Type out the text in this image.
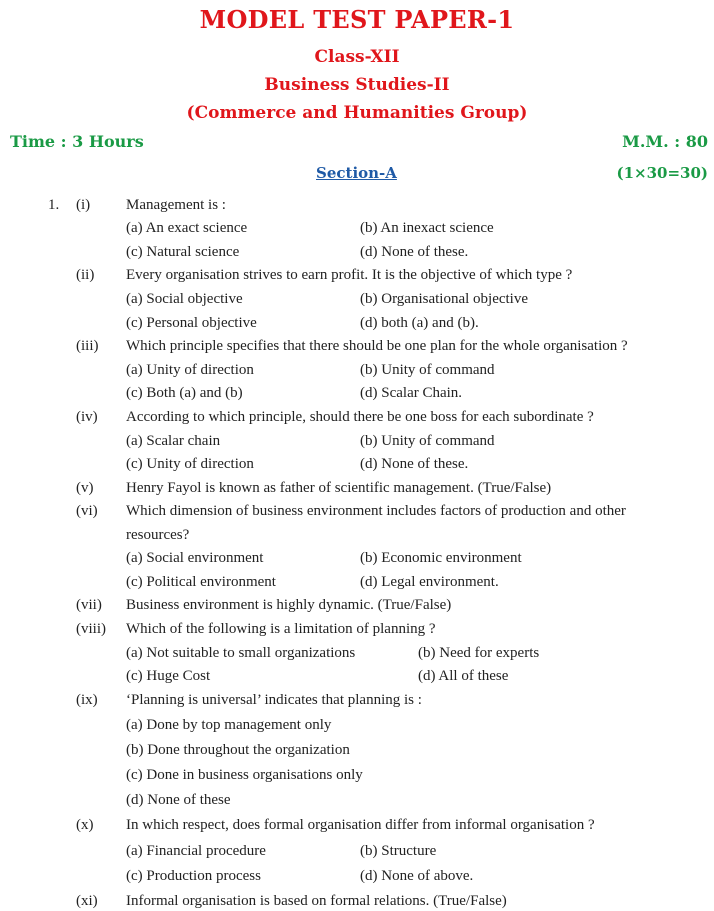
MODEL TEST PAPER-1
Class-XII
Business Studies-II
(Commerce and Humanities Group)
Time : 3 Hours	M.M. : 80
Section-A	(1×30=30)
1. (i) Management is :
(a) An exact science	(b) An inexact science
(c) Natural science	(d) None of these.
(ii) Every organisation strives to earn profit. It is the objective of which type ?
(a) Social objective	(b) Organisational objective
(c) Personal objective	(d) both (a) and (b).
(iii) Which principle specifies that there should be one plan for the whole organisation ?
(a) Unity of direction	(b) Unity of command
(c) Both (a) and (b)	(d) Scalar Chain.
(iv) According to which principle, should there be one boss for each subordinate ?
(a) Scalar chain	(b) Unity of command
(c) Unity of direction	(d) None of these.
(v) Henry Fayol is known as father of scientific management. (True/False)
(vi) Which dimension of business environment includes factors of production and other
resources?
(a) Social environment	(b) Economic environment
(c) Political environment	(d) Legal environment.
(vii) Business environment is highly dynamic. (True/False)
(viii) Which of the following is a limitation of planning ?
(a) Not suitable to small organizations	(b) Need for experts
(c) Huge Cost	(d) All of these
(ix) ‘Planning is universal’ indicates that planning is :
(a) Done by top management only
(b) Done throughout the organization
(c) Done in business organisations only
(d) None of these
(x) In which respect, does formal organisation differ from informal organisation ?
(a) Financial procedure	(b) Structure
(c) Production process	(d) None of above.
(xi) Informal organisation is based on formal relations. (True/False)
